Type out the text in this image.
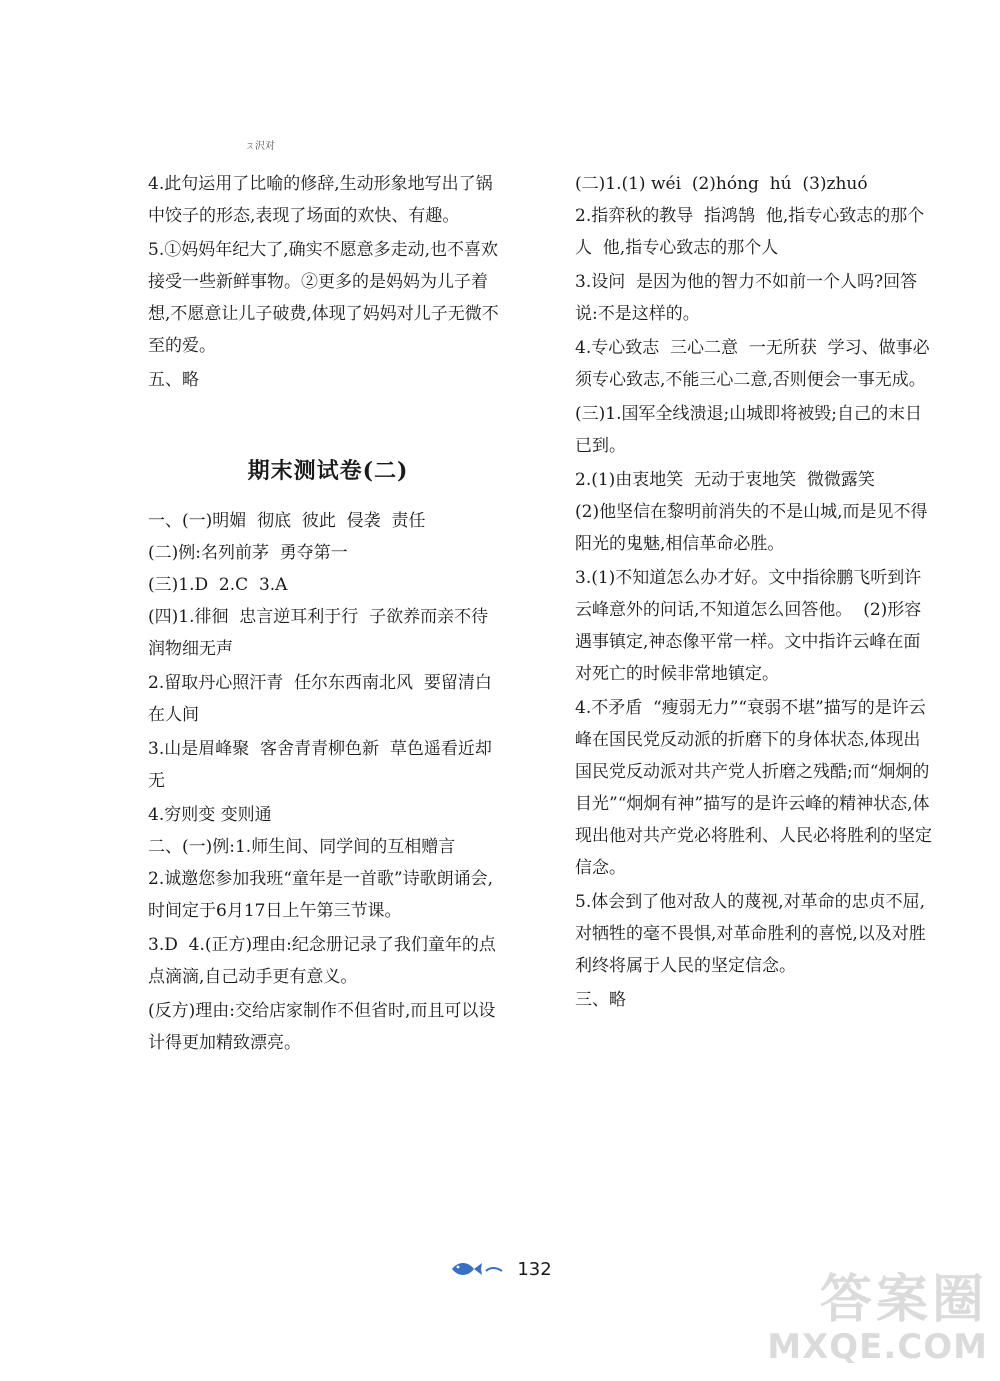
ㄡ沢对

4.此句运用了比喻的修辞,生动形象地写出了锅中饺子的形态,表现了场面的欢快、有趣。

5.①妈妈年纪大了,确实不愿意多走动,也不喜欢接受一些新鲜事物。②更多的是妈妈为儿子着想,不愿意让儿子破费,体现了妈妈对儿子无微不至的爱。

五、略

期末测试卷(二)

一、(一)明媚  彻底  彼此  侵袭  责任

(二)例:名列前茅  勇夺第一

(三)1.D  2.C  3.A

(四)1.徘徊  忠言逆耳利于行  子欲养而亲不待  润物细无声

2.留取丹心照汗青  任尔东西南北风  要留清白在人间

3.山是眉峰聚  客舍青青柳色新  草色遥看近却无

4.穷则变 变则通

二、(一)例:1.师生间、同学间的互相赠言

2.诚邀您参加我班“童年是一首歌”诗歌朗诵会,时间定于6月17日上午第三节课。

3.D  4.(正方)理由:纪念册记录了我们童年的点点滴滴,自己动手更有意义。

(反方)理由:交给店家制作不但省时,而且可以设计得更加精致漂亮。

(二)1.(1) wéi  (2)hóng  hú  (3)zhuó

2.指弈秋的教导  指鸿鹄  他,指专心致志的那个人  他,指专心致志的那个人

3.设问  是因为他的智力不如前一个人吗?回答说:不是这样的。

4.专心致志  三心二意  一无所获  学习、做事必须专心致志,不能三心二意,否则便会一事无成。

(三)1.国军全线溃退;山城即将被毁;自己的末日已到。

2.(1)由衷地笑  无动于衷地笑  微微露笑

(2)他坚信在黎明前消失的不是山城,而是见不得阳光的鬼魅,相信革命必胜。

3.(1)不知道怎么办才好。文中指徐鹏飞听到许云峰意外的问话,不知道怎么回答他。  (2)形容遇事镇定,神态像平常一样。文中指许云峰在面对死亡的时候非常地镇定。

4.不矛盾  “瘦弱无力”“衰弱不堪”描写的是许云峰在国民党反动派的折磨下的身体状态,体现出国民党反动派对共产党人折磨之残酷;而“炯炯的目光”“炯炯有神”描写的是许云峰的精神状态,体现出他对共产党必将胜利、人民必将胜利的坚定信念。

5.体会到了他对敌人的蔑视,对革命的忠贞不屈,对牺牲的毫不畏惧,对革命胜利的喜悦,以及对胜利终将属于人民的坚定信念。

三、略

132
答案圈
MXQE.COM
